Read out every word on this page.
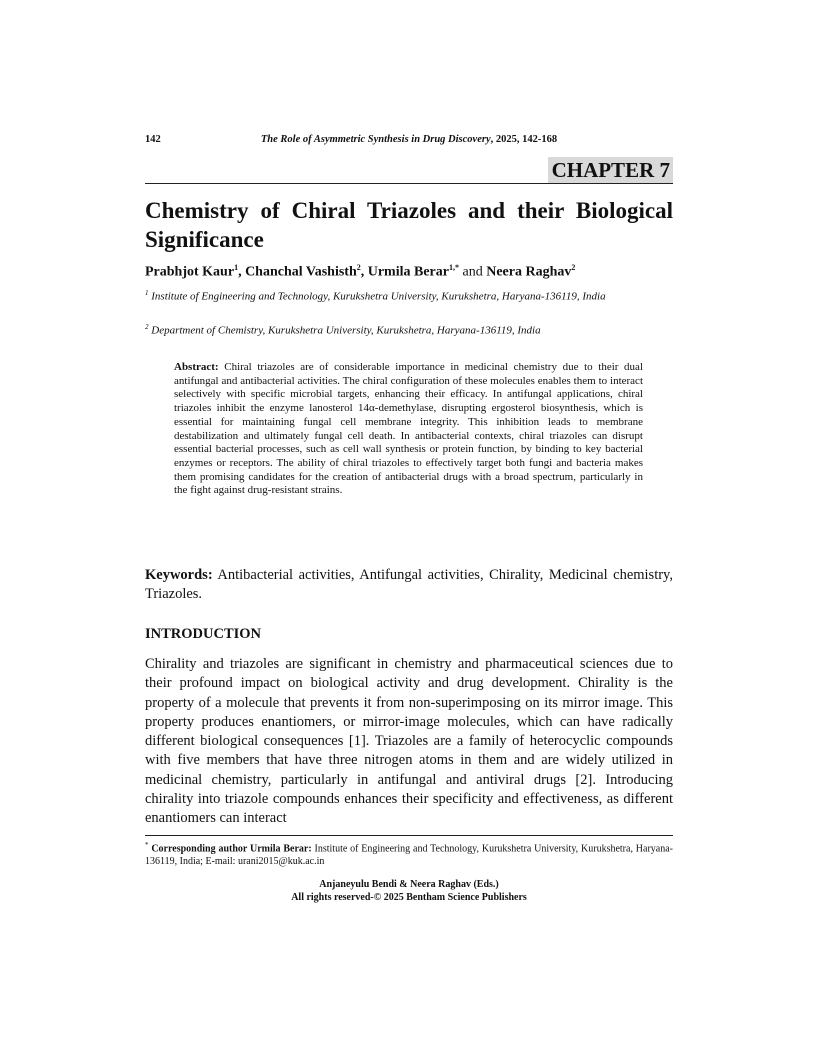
142	The Role of Asymmetric Synthesis in Drug Discovery, 2025, 142-168
CHAPTER 7
Chemistry of Chiral Triazoles and their Biological Significance

Prabhjot Kaur$^1$, Chanchal Vashisth$^2$, Urmila Berar$^{1,*}$ and Neera Raghav$^2$

$^1$ Institute of Engineering and Technology, Kurukshetra University, Kurukshetra, Haryana-136119, India

$^2$ Department of Chemistry, Kurukshetra University, Kurukshetra, Haryana-136119, India

Abstract: Chiral triazoles are of considerable importance in medicinal chemistry due to their dual antifungal and antibacterial activities. The chiral configuration of these molecules enables them to interact selectively with specific microbial targets, enhancing their efficacy. In antifungal applications, chiral triazoles inhibit the enzyme lanosterol 14α-demethylase, disrupting ergosterol biosynthesis, which is essential for maintaining fungal cell membrane integrity. This inhibition leads to membrane destabilization and ultimately fungal cell death. In antibacterial contexts, chiral triazoles can disrupt essential bacterial processes, such as cell wall synthesis or protein function, by binding to key bacterial enzymes or receptors. The ability of chiral triazoles to effectively target both fungi and bacteria makes them promising candidates for the creation of antibacterial drugs with a broad spectrum, particularly in the fight against drug-resistant strains.

Keywords: Antibacterial activities, Antifungal activities, Chirality, Medicinal chemistry, Triazoles.

INTRODUCTION

Chirality and triazoles are significant in chemistry and pharmaceutical sciences due to their profound impact on biological activity and drug development. Chirality is the property of a molecule that prevents it from non-superimposing on its mirror image. This property produces enantiomers, or mirror-image molecules, which can have radically different biological consequences [1]. Triazoles are a family of heterocyclic compounds with five members that have three nitrogen atoms in them and are widely utilized in medicinal chemistry, particularly in antifungal and antiviral drugs [2]. Introducing chirality into triazole compounds enhances their specificity and effectiveness, as different enantiomers can interact

* Corresponding author Urmila Berar: Institute of Engineering and Technology, Kurukshetra University, Kurukshetra, Haryana-136119, India; E-mail: urani2015@kuk.ac.in

Anjaneyulu Bendi & Neera Raghav (Eds.)
All rights reserved-© 2025 Bentham Science Publishers
